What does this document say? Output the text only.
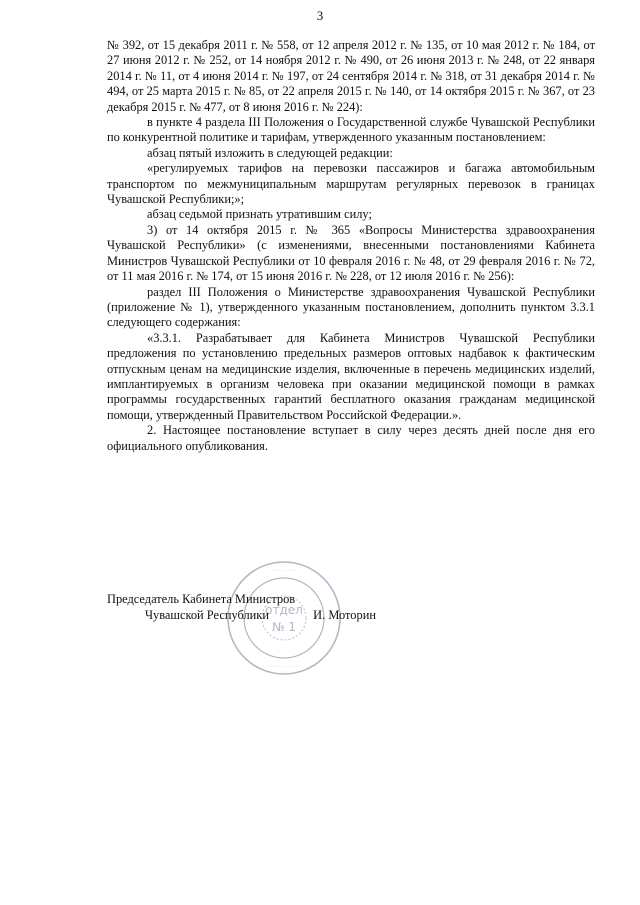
3

№ 392, от 15 декабря 2011 г. № 558, от 12 апреля 2012 г. № 135, от 10 мая 2012 г. № 184, от 27 июня 2012 г. № 252, от 14 ноября 2012 г. № 490, от 26 июня 2013 г. № 248, от 22 января 2014 г. № 11, от 4 июня 2014 г. № 197, от 24 сентября 2014 г. № 318, от 31 декабря 2014 г. № 494, от 25 марта 2015 г. № 85, от 22 апреля 2015 г. № 140, от 14 октября 2015 г. № 367, от 23 декабря 2015 г. № 477, от 8 июня 2016 г. № 224):

в пункте 4 раздела III Положения о Государственной службе Чувашской Республики по конкурентной политике и тарифам, утвержденного указанным постановлением:

абзац пятый изложить в следующей редакции:

«регулируемых тарифов на перевозки пассажиров и багажа автомобильным транспортом по межмуниципальным маршрутам регулярных перевозок в границах Чувашской Республики;»;

абзац седьмой признать утратившим силу;

3) от 14 октября 2015 г. № 365 «Вопросы Министерства здравоохранения Чувашской Республики» (с изменениями, внесенными постановлениями Кабинета Министров Чувашской Республики от 10 февраля 2016 г. № 48, от 29 февраля 2016 г. № 72, от 11 мая 2016 г. № 174, от 15 июня 2016 г. № 228, от 12 июля 2016 г. № 256):

раздел III Положения о Министерстве здравоохранения Чувашской Республики (приложение № 1), утвержденного указанным постановлением, дополнить пунктом 3.3.1 следующего содержания:

«3.3.1. Разрабатывает для Кабинета Министров Чувашской Республики предложения по установлению предельных размеров оптовых надбавок к фактическим отпускным ценам на медицинские изделия, включенные в перечень медицинских изделий, имплантируемых в организм человека при оказании медицинской помощи в рамках программы государственных гарантий бесплатного оказания гражданам медицинской помощи, утвержденный Правительством Российской Федерации.».

2. Настоящее постановление вступает в силу через десять дней после дня его официального опубликования.

· · · · · · · · · ·
· · · · · · · · · ·
отдел
№ 1
Председатель Кабинета Министров
Чувашской Республики	И. Моторин
